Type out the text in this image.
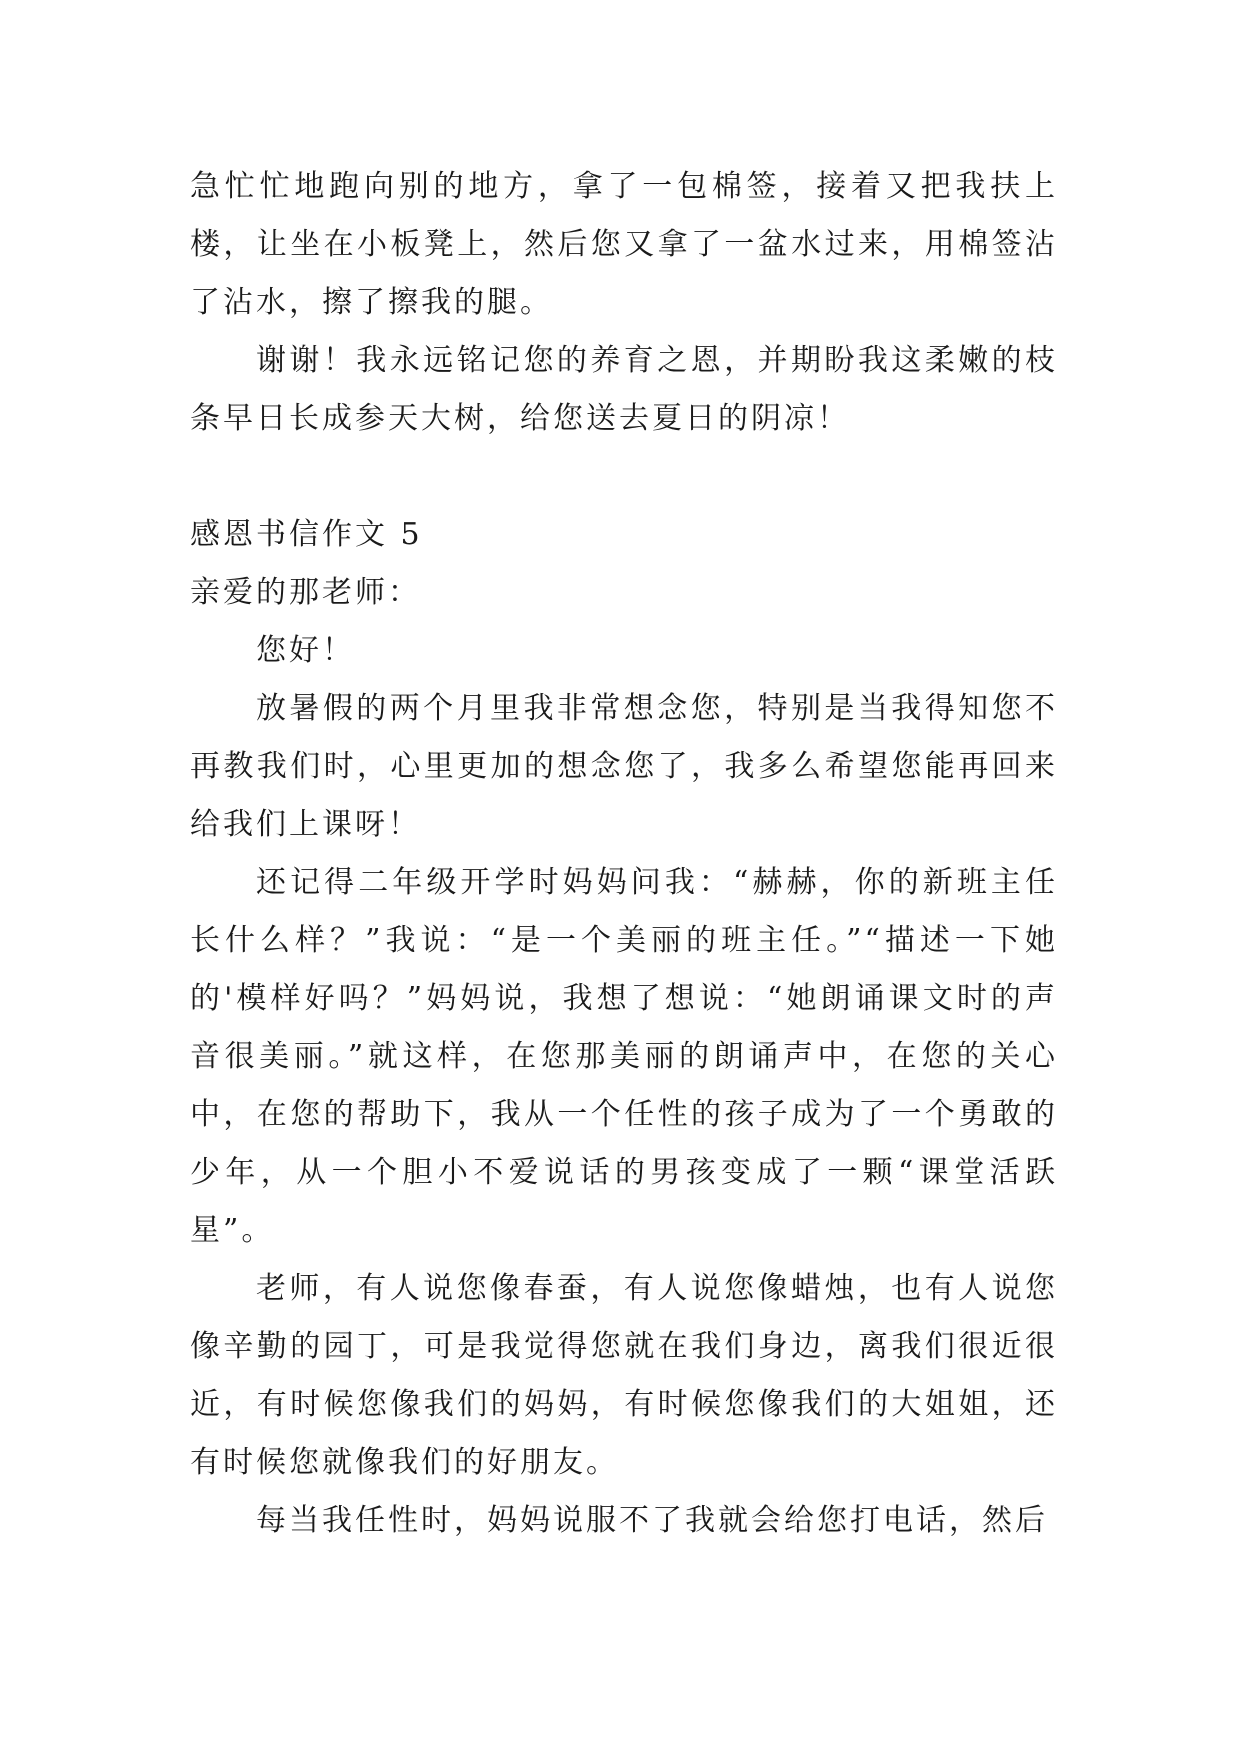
急忙忙地跑向别的地方，拿了一包棉签，接着又把我扶上楼，让坐在小板凳上，然后您又拿了一盆水过来，用棉签沾了沾水，擦了擦我的腿。

谢谢！我永远铭记您的养育之恩，并期盼我这柔嫩的枝条早日长成参天大树，给您送去夏日的阴凉！

感恩书信作文 5

亲爱的那老师：

您好！

放暑假的两个月里我非常想念您，特别是当我得知您不再教我们时，心里更加的想念您了，我多么希望您能再回来给我们上课呀！

还记得二年级开学时妈妈问我：“赫赫，你的新班主任长什么样？”我说：“是一个美丽的班主任。”“描述一下她的'模样好吗？”妈妈说，我想了想说：“她朗诵课文时的声音很美丽。”就这样，在您那美丽的朗诵声中，在您的关心中，在您的帮助下，我从一个任性的孩子成为了一个勇敢的少年，从一个胆小不爱说话的男孩变成了一颗“课堂活跃星”。

老师，有人说您像春蚕，有人说您像蜡烛，也有人说您像辛勤的园丁，可是我觉得您就在我们身边，离我们很近很近，有时候您像我们的妈妈，有时候您像我们的大姐姐，还有时候您就像我们的好朋友。

每当我任性时，妈妈说服不了我就会给您打电话，然后
